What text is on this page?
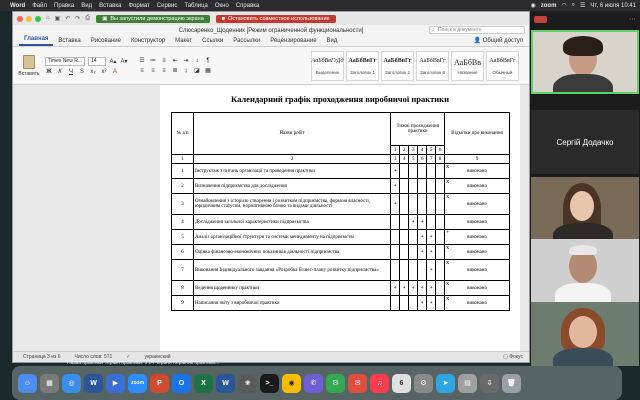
Word Файл Правка Вид Вставка Формат Сервис Таблица Окно Справка	◉ zoom ◠ ⌕ ☰ Чт, 6 июля 10:41
⌂ ▣ ↶ ↷ ⎙ ▣ Вы запустили демонстрацию экрана	■ Остановить совместное использование
Слюсаренко_Щоденник [Режим ограниченной функциональности]	⌕ Поиск в документе
Главная	Вставка	Рисование	Конструктор	Макет	Ссылки	Рассылки	Рецензирование	Вид	👤 Общий доступ
Вставить
Times New R...	14	A▴ A▾
Ж	К	Ч	S	x₂ x²	A
☰ ≔	≡	⇤ ⇥	↕	¶
≡	≡	≡	≣	↨	◪ ▦
АаБбВвГгДд
Выделение
АаБбВвГг
Заголовок 1
АаБбВвГг
Заголовок 2
АаБбВвГг
Заголовок 6
АаБбВв
Название
АаБбВвГг
Обычный
Календарний графік проходження виробничої практики
№ з/п	Назви робіт	Тижні проходження практики						Відмітки про виконання
		1	2	3	4	5	6	
1	2	3	4	5	6	7	8	9
1	Інструктаж з питань організації та проведення практики	+						x
виконано
2	Визначення підприємства для дослідження	+						x
виконано
3	Ознайомлення з історією створення і розвитком підприємства, формою власності, юридичним статусом, нормативною базою та видами діяльності	+						x
виконано
4	Дослідження загальної характеристики підприємства			+	+			виконано
5	Аналіз організаційної структури та системи менеджменту на підприємстві				+	+		+
виконано
6	Оцінка фінансово-економічних показників діяльності підприємства				+	+		x
виконано
7	Виконання Індивідуального завдання «Розробка бізнес-плану розвитку підприємства»					+		x
виконано
8	Ведення щоденнику практики	+	+	+	+	+		x
виконано
9	Написання звіту з виробничої практики				+	+		x
виконано
Страница 3 из 6	Число слов: 571	✓	украинский	▢ Фокус
⋯
Сергій Додачко
Назва практики Термін практики: з 14 червня Керівник практики...
☺	▦	◎	W	▶	zoom	P	O	X	W	❀	>_	◉	✆	✉	✉	♫	6	⚙	➤	▤	⇩	🗑
